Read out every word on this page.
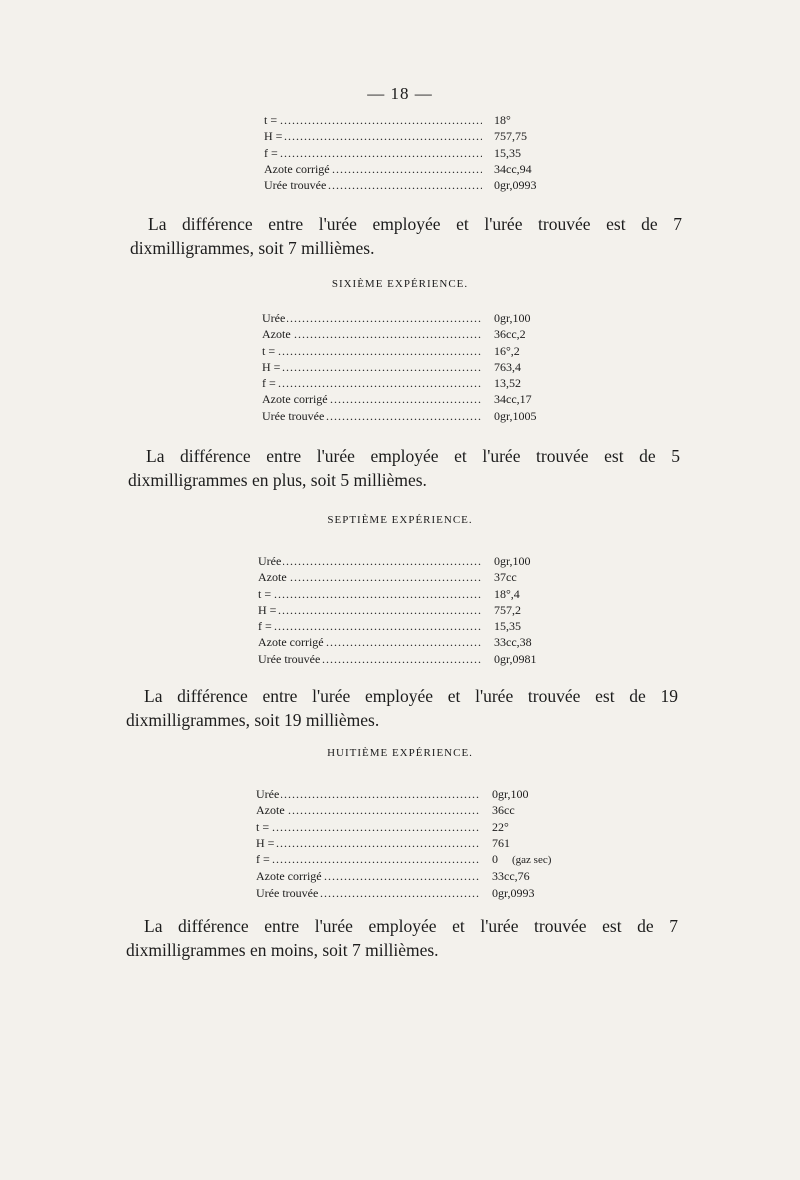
— 18 —
t = .....	18°
H = .....	757,75
f = .....	15,35
Azote corrigé .....	34cc,94
Urée trouvée .....	0gr,0993

La différence entre l'urée employée et l'urée trouvée est de 7 dixmilligrammes, soit 7 millièmes.

SIXIÈME EXPÉRIENCE.
Urée .....	0gr,100
Azote .....	36cc,2
t = .....	16°,2
H = .....	763,4
f = .....	13,52
Azote corrigé .....	34cc,17
Urée trouvée .....	0gr,1005

La différence entre l'urée employée et l'urée trouvée est de 5 dixmilligrammes en plus, soit 5 millièmes.

SEPTIÈME EXPÉRIENCE.
Urée .....	0gr,100
Azote .....	37cc
t = .....	18°,4
H = .....	757,2
f = .....	15,35
Azote corrigé .....	33cc,38
Urée trouvée .....	0gr,0981

La différence entre l'urée employée et l'urée trouvée est de 19 dixmilligrammes, soit 19 millièmes.

HUITIÈME EXPÉRIENCE.
Urée .....	0gr,100
Azote .....	36cc
t = .....	22°
H = .....	761
f = .....	0 (gaz sec)
Azote corrigé .....	33cc,76
Urée trouvée .....	0gr,0993

La différence entre l'urée employée et l'urée trouvée est de 7 dixmilligrammes en moins, soit 7 millièmes.
